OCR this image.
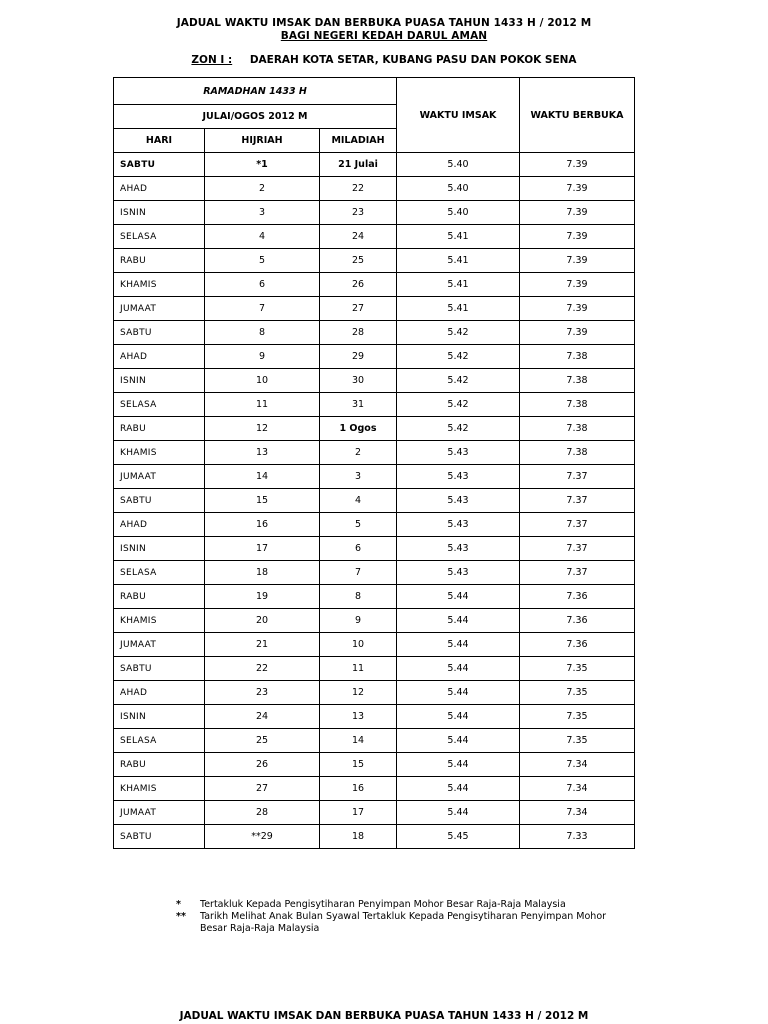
JADUAL WAKTU IMSAK DAN BERBUKA PUASA TAHUN 1433 H / 2012 M
BAGI NEGERI KEDAH DARUL AMAN
ZON I : DAERAH KOTA SETAR, KUBANG PASU DAN POKOK SENA
RAMADHAN 1433 H			WAKTU IMSAK	WAKTU BERBUKA
JULAI/OGOS 2012 M				
HARI	HIJRIAH	MILADIAH		
SABTU	*1	21 Julai	5.40	7.39
AHAD	2	22	5.40	7.39
ISNIN	3	23	5.40	7.39
SELASA	4	24	5.41	7.39
RABU	5	25	5.41	7.39
KHAMIS	6	26	5.41	7.39
JUMAAT	7	27	5.41	7.39
SABTU	8	28	5.42	7.39
AHAD	9	29	5.42	7.38
ISNIN	10	30	5.42	7.38
SELASA	11	31	5.42	7.38
RABU	12	1 Ogos	5.42	7.38
KHAMIS	13	2	5.43	7.38
JUMAAT	14	3	5.43	7.37
SABTU	15	4	5.43	7.37
AHAD	16	5	5.43	7.37
ISNIN	17	6	5.43	7.37
SELASA	18	7	5.43	7.37
RABU	19	8	5.44	7.36
KHAMIS	20	9	5.44	7.36
JUMAAT	21	10	5.44	7.36
SABTU	22	11	5.44	7.35
AHAD	23	12	5.44	7.35
ISNIN	24	13	5.44	7.35
SELASA	25	14	5.44	7.35
RABU	26	15	5.44	7.34
KHAMIS	27	16	5.44	7.34
JUMAAT	28	17	5.44	7.34
SABTU	**29	18	5.45	7.33
*	Tertakluk Kepada Pengisytiharan Penyimpan Mohor Besar Raja-Raja Malaysia
**	Tarikh Melihat Anak Bulan Syawal Tertakluk Kepada Pengisytiharan Penyimpan Mohor Besar Raja-Raja Malaysia
JADUAL WAKTU IMSAK DAN BERBUKA PUASA TAHUN 1433 H / 2012 M
